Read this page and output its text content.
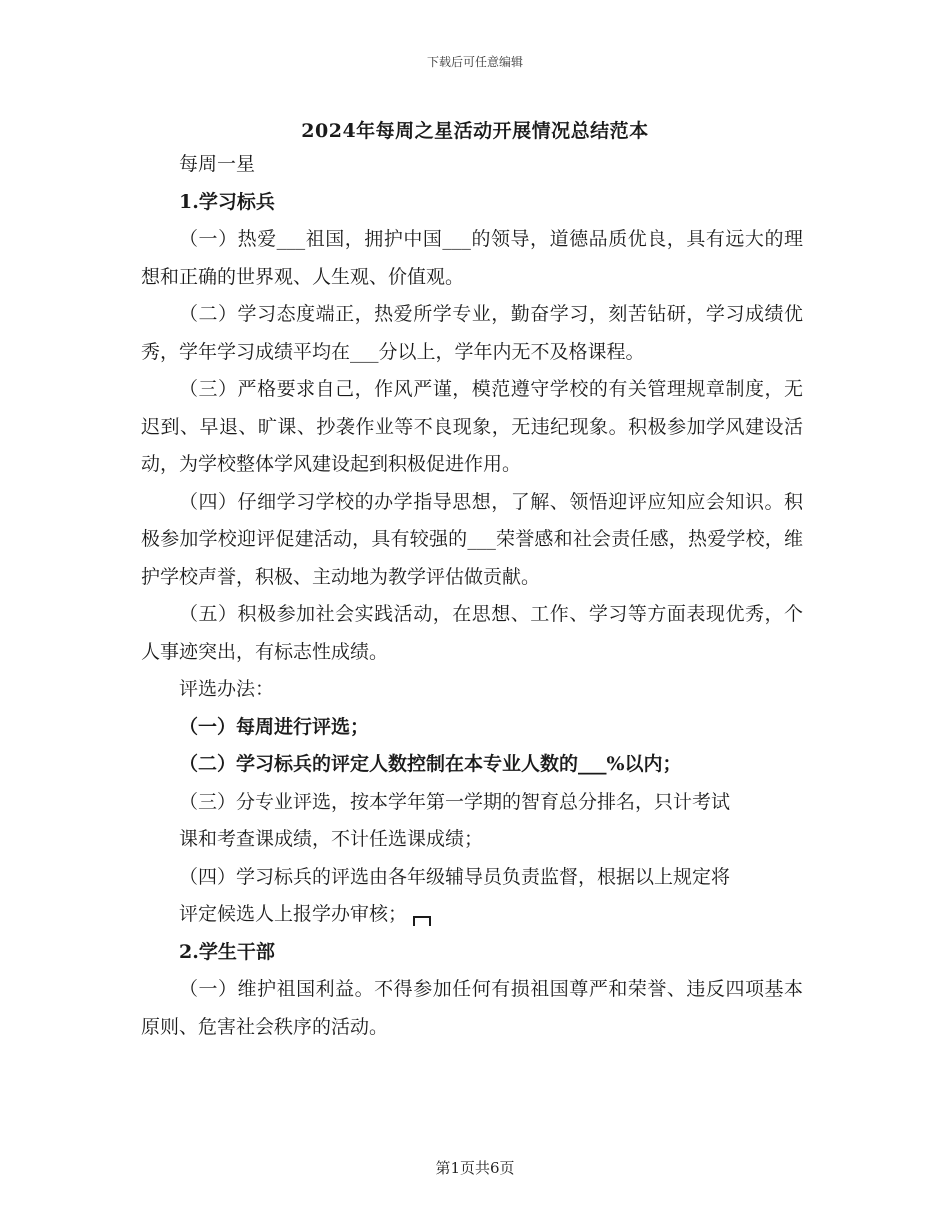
下载后可任意编辑
2024年每周之星活动开展情况总结范本

每周一星

1.学习标兵

（一）热爱___祖国，拥护中国___的领导，道德品质优良，具有远大的理想和正确的世界观、人生观、价值观。

（二）学习态度端正，热爱所学专业，勤奋学习，刻苦钻研，学习成绩优秀，学年学习成绩平均在___分以上，学年内无不及格课程。

（三）严格要求自己，作风严谨，模范遵守学校的有关管理规章制度，无迟到、早退、旷课、抄袭作业等不良现象，无违纪现象。积极参加学风建设活动，为学校整体学风建设起到积极促进作用。

（四）仔细学习学校的办学指导思想，了解、领悟迎评应知应会知识。积极参加学校迎评促建活动，具有较强的___荣誉感和社会责任感，热爱学校，维护学校声誉，积极、主动地为教学评估做贡献。

（五）积极参加社会实践活动，在思想、工作、学习等方面表现优秀，个人事迹突出，有标志性成绩。

评选办法：

（一）每周进行评选；

（二）学习标兵的评定人数控制在本专业人数的___%以内；

（三）分专业评选，按本学年第一学期的智育总分排名，只计考试

课和考查课成绩，不计任选课成绩；

（四）学习标兵的评选由各年级辅导员负责监督，根据以上规定将

评定候选人上报学办审核；

2.学生干部

（一）维护祖国利益。不得参加任何有损祖国尊严和荣誉、违反四项基本原则、危害社会秩序的活动。

第1页共6页
